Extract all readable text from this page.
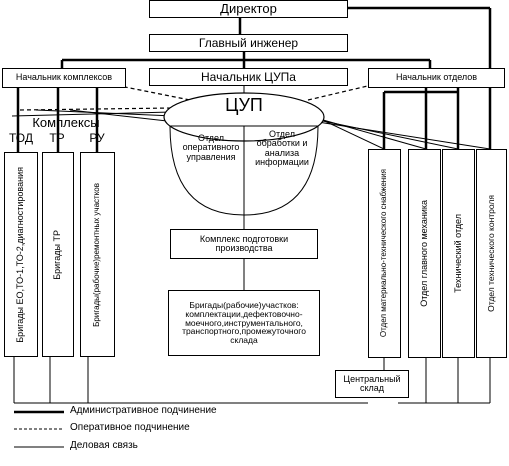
Директор
Главный инженер
Начальник комплексов	Начальник ЦУПа	Начальник отделов
ЦУП
Отдел оперативного управления
Отдел обработки и анализа информации
Комплексы
ТОД	ТР	РУ
Бригады ЕО,ТО-1,ТО-2,диагностирования	Бригады ТР	Бригады(рабочие)ремонтных участков	Комплекс подготовки производства
Бригады(рабочие)участков: комплектации,дефектовочно-моечного,инструментального, транспортного,промежуточного склада
Отдел материально-технического снабжения	Отдел главного механика	Технический отдел	Отдел технического контроля
Центральный склад
Административное подчинение
Оперативное подчинение
Деловая связь
